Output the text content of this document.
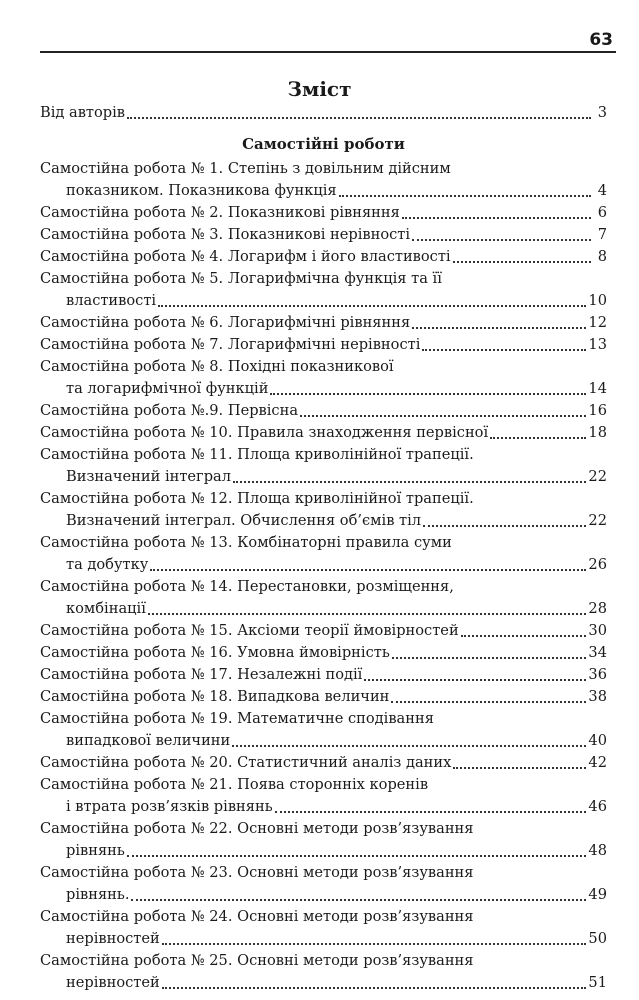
63
Зміст
Від авторів	3
Самостійні роботи
Самостійна робота № 1. Степінь з довільним дійсним
показником. Показникова функція	4
Самостійна робота № 2. Показникові рівняння	6
Самостійна робота № 3. Показникові нерівності	7
Самостійна робота № 4. Логарифм і його властивості	8
Самостійна робота № 5. Логарифмічна функція та її
властивості	10
Самостійна робота № 6. Логарифмічні рівняння	12
Самостійна робота № 7. Логарифмічні нерівності	13
Самостійна робота № 8. Похідні показникової
та логарифмічної функцій	14
Самостійна робота №.9. Первісна	16
Самостійна робота № 10. Правила знаходження первісної	18
Самостійна робота № 11. Площа криволінійної трапеції.
Визначений інтеграл	22
Самостійна робота № 12. Площа криволінійної трапеції.
Визначений інтеграл. Обчислення об’ємів тіл	22
Самостійна робота № 13. Комбінаторні правила суми
та добутку	26
Самостійна робота № 14. Перестановки, розміщення,
комбінації	28
Самостійна робота № 15. Аксіоми теорії ймовірностей	30
Самостійна робота № 16. Умовна ймовірність	34
Самостійна робота № 17. Незалежні події	36
Самостійна робота № 18. Випадкова величин	38
Самостійна робота № 19. Математичне сподівання
випадкової величини	40
Самостійна робота № 20. Статистичний аналіз даних	42
Самостійна робота № 21. Поява сторонніх коренів
і втрата розв’язків рівнянь	46
Самостійна робота № 22. Основні методи розв’язування
рівнянь	48
Самостійна робота № 23. Основні методи розв’язування
рівнянь.	49
Самостійна робота № 24. Основні методи розв’язування
нерівностей	50
Самостійна робота № 25. Основні методи розв’язування
нерівностей	51
